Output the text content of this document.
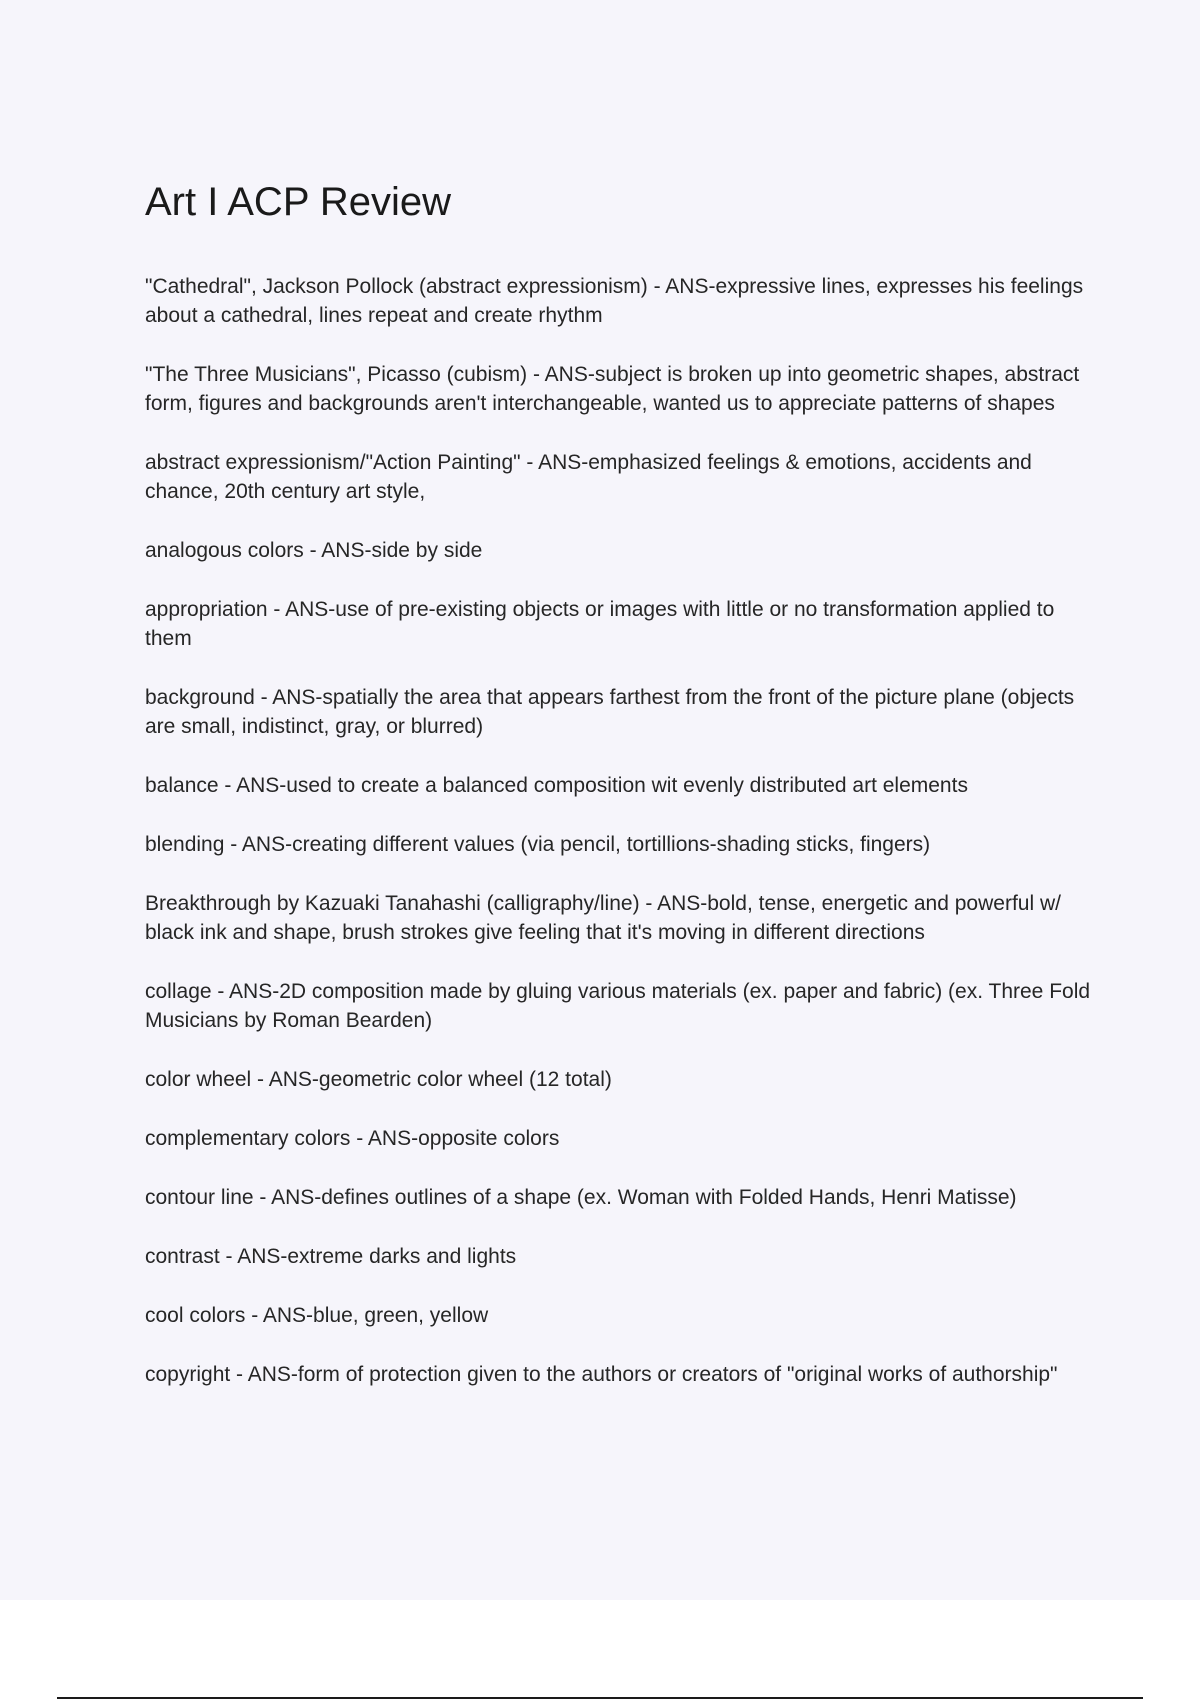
Art I ACP Review
"Cathedral", Jackson Pollock (abstract expressionism) - ANS-expressive lines, expresses his feelings about a cathedral, lines repeat and create rhythm
"The Three Musicians", Picasso (cubism) - ANS-subject is broken up into geometric shapes, abstract form, figures and backgrounds aren't interchangeable, wanted us to appreciate patterns of shapes
abstract expressionism/"Action Painting" - ANS-emphasized feelings & emotions, accidents and chance, 20th century art style,
analogous colors - ANS-side by side
appropriation - ANS-use of pre-existing objects or images with little or no transformation applied to them
background - ANS-spatially the area that appears farthest from the front of the picture plane (objects are small, indistinct, gray, or blurred)
balance - ANS-used to create a balanced composition wit evenly distributed art elements
blending - ANS-creating different values (via pencil, tortillions-shading sticks, fingers)
Breakthrough by Kazuaki Tanahashi (calligraphy/line) - ANS-bold, tense, energetic and powerful w/ black ink and shape, brush strokes give feeling that it's moving in different directions
collage - ANS-2D composition made by gluing various materials (ex. paper and fabric) (ex. Three Fold Musicians by Roman Bearden)
color wheel - ANS-geometric color wheel (12 total)
complementary colors - ANS-opposite colors
contour line - ANS-defines outlines of a shape (ex. Woman with Folded Hands, Henri Matisse)
contrast - ANS-extreme darks and lights
cool colors - ANS-blue, green, yellow
copyright - ANS-form of protection given to the authors or creators of "original works of authorship"
